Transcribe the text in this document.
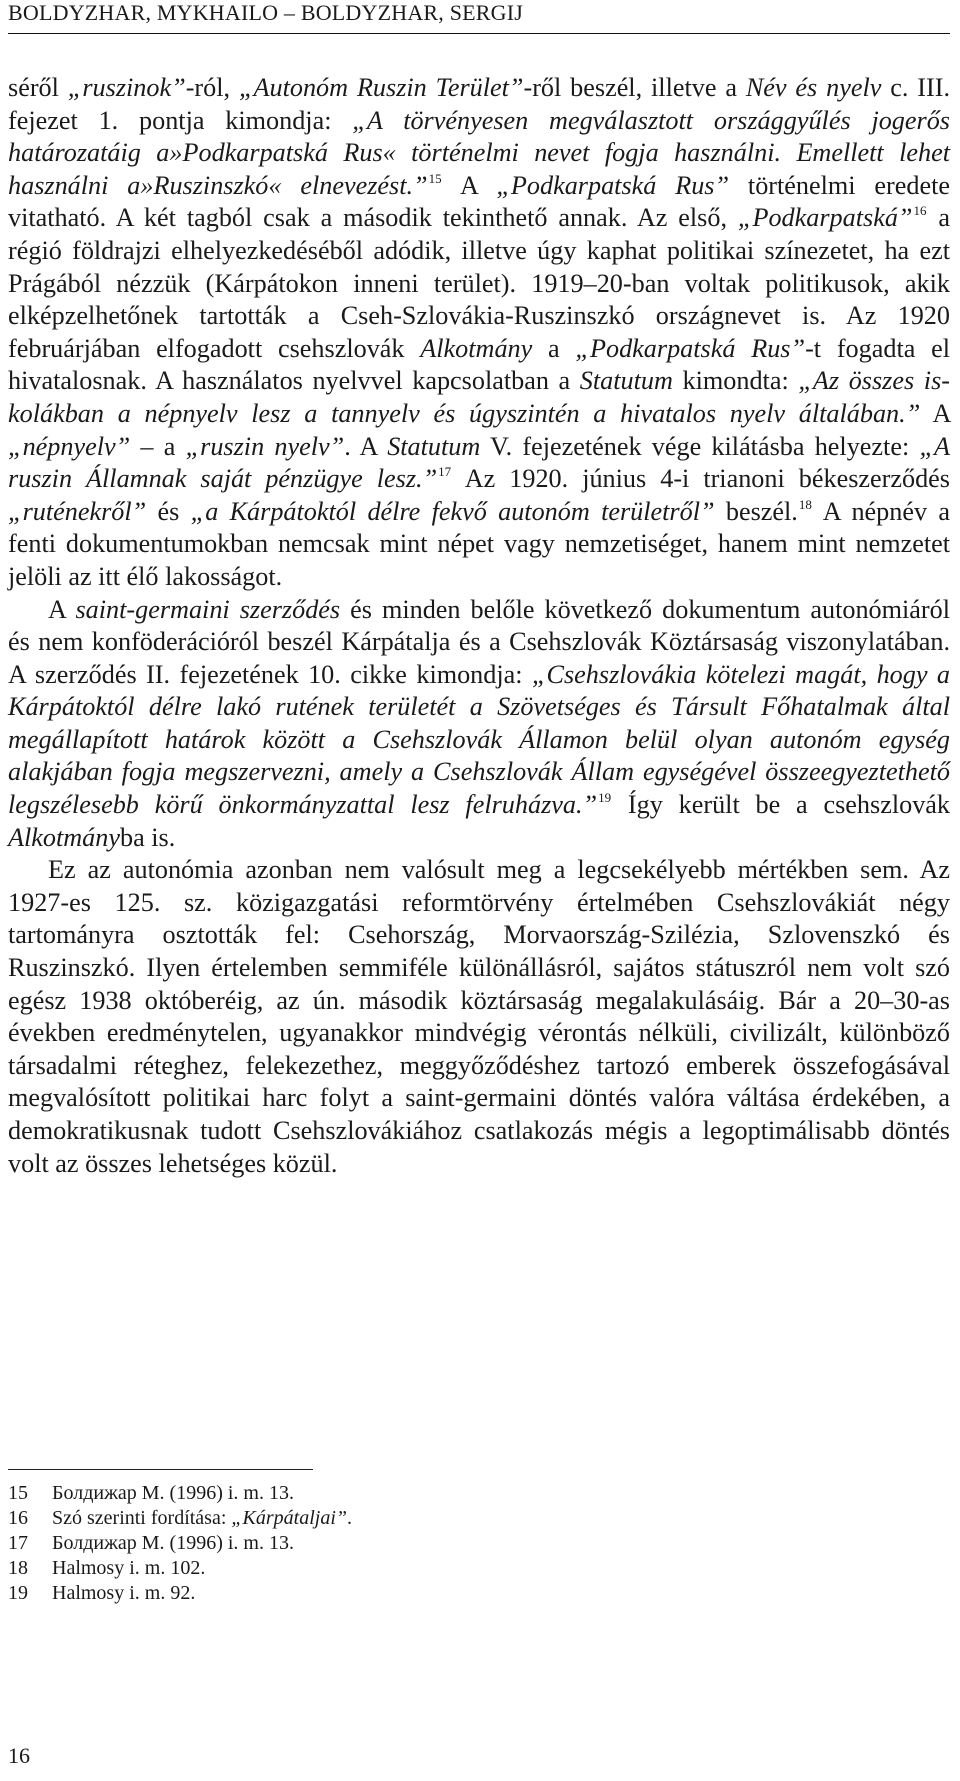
BOLDYZHAR, MYKHAILO – BOLDYZHAR, SERGIJ

séről „ruszinok”-ról, „Autonóm Ruszin Terület”-ről beszél, illetve a Név és nyelv c. III. fejezet 1. pontja kimondja: „A törvényesen megválasztott országgyűlés jogerős határozatáig a»Podkarpatská Rus« történelmi nevet fogja használni. Emellett lehet használni a»Ruszinszkó« elnevezést.”$^{15}$ A „Podkarpatská Rus” történelmi eredete vitatható. A két tagból csak a második tekinthető annak. Az első, „Podkarpatská”$^{16}$ a régió földrajzi elhelyezkedéséből adódik, illetve úgy kaphat politikai színezetet, ha ezt Prágából nézzük (Kárpátokon inneni terület). 1919–20-ban voltak politikusok, akik elképzelhetőnek tartották a Cseh-Szlovákia-Ruszinszkó országnevet is. Az 1920 februárjában elfogadott csehszlovák Alkotmány a „Podkarpatská Rus”-t fogadta el hivatalosnak. A használatos nyelvvel kapcsolatban a Statutum kimondta: „Az összes iskolákban a népnyelv lesz a tannyelv és úgyszintén a hivatalos nyelv általában.” A „népnyelv” – a „ruszin nyelv”. A Statutum V. fejezetének vége kilátásba helyezte: „A ruszin Államnak saját pénzügye lesz.”$^{17}$ Az 1920. június 4-i trianoni békeszerződés „ruténekről” és „a Kárpátoktól délre fekvő autonóm területről” beszél.$^{18}$ A népnév a fenti dokumentumokban nemcsak mint népet vagy nemzetiséget, hanem mint nemzetet jelöli az itt élő lakosságot.

A saint-germaini szerződés és minden belőle következő dokumentum autonómiáról és nem konföderációról beszél Kárpátalja és a Csehszlovák Köztársaság viszonylatában. A szerződés II. fejezetének 10. cikke kimondja: „Csehszlovákia kötelezi magát, hogy a Kárpátoktól délre lakó rutének területét a Szövetséges és Társult Főhatalmak által megállapított határok között a Csehszlovák Államon belül olyan autonóm egység alakjában fogja megszervezni, amely a Csehszlovák Állam egységével összeegyeztethető legszélesebb körű önkormányzattal lesz felruházva.”$^{19}$ Így került be a csehszlovák Alkotmányba is.

Ez az autonómia azonban nem valósult meg a legcsekélyebb mértékben sem. Az 1927-es 125. sz. közigazgatási reformtörvény értelmében Csehszlovákiát négy tartományra osztották fel: Csehország, Morvaország-Szilézia, Szlovenszkó és Ruszinszkó. Ilyen értelemben semmiféle különállásról, sajátos státuszról nem volt szó egész 1938 októberéig, az ún. második köztársaság megalakulásáig. Bár a 20–30-as években eredménytelen, ugyanakkor mindvégig vérontás nélküli, civilizált, különböző társadalmi réteghez, felekezethez, meggyőződéshez tartozó emberek összefogásával megvalósított politikai harc folyt a saint-germaini döntés valóra váltása érdekében, a demokratikusnak tudott Csehszlovákiához csatlakozás mégis a legoptimálisabb döntés volt az összes lehetséges közül.

15	Болдижар М. (1996) i. m. 13.
16	Szó szerinti fordítása: „Kárpátaljai”.
17	Болдижар М. (1996) i. m. 13.
18	Halmosy i. m. 102.
19	Halmosy i. m. 92.
16
